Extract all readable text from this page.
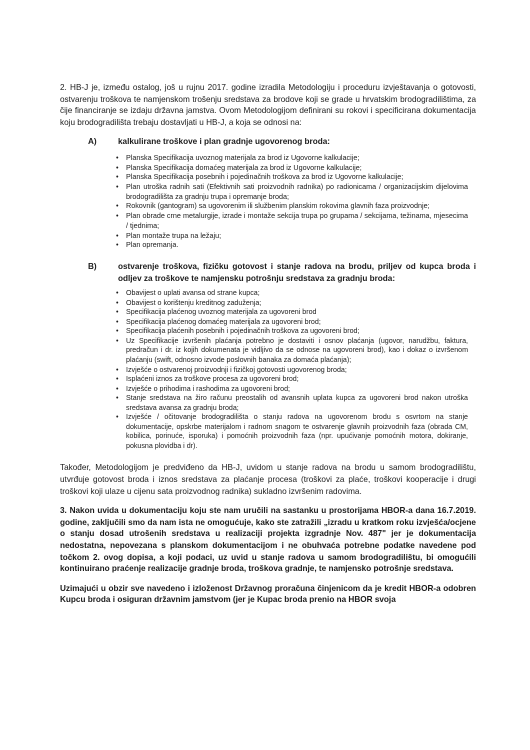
2. HB-J je, između ostalog, još u rujnu 2017. godine izradila Metodologiju i proceduru izvještavanja o gotovosti, ostvarenju troškova te namjenskom trošenju sredstava za brodove koji se grade u hrvatskim brodogradilištima, za čije financiranje se izdaju državna jamstva. Ovom Metodologijom definirani su rokovi i specificirana dokumentacija koju brodogradilišta trebaju dostavljati u HB-J, a koja se odnosi na:

A)	kalkulirane troškove i plan gradnje ugovorenog broda:
• Planska Specifikacija uvoznog materijala za brod iz Ugovorne kalkulacije;
• Planska Specifikacija domaćeg materijala za brod iz Ugovorne kalkulacije;
• Planska Specifikacija posebnih i pojedinačnih troškova za brod iz Ugovorne kalkulacije;
• Plan utroška radnih sati (Efektivnih sati proizvodnih radnika) po radionicama / organizacijskim dijelovima brodogradilišta za gradnju trupa i opremanje broda;
• Rokovnik (gantogram) sa ugovorenim ili službenim planskim rokovima glavnih faza proizvodnje;
• Plan obrade crne metalurgije, izrade i montaže sekcija trupa po grupama / sekcijama, težinama, mjesecima / tjednima;
• Plan montaže trupa na ležaju;
• Plan opremanja.
B)	ostvarenje troškova, fizičku gotovost i stanje radova na brodu, priljev od kupca broda i odljev za troškove te namjensku potrošnju sredstava za gradnju broda:
• Obavijest o uplati avansa od strane kupca;
• Obavijest o korištenju kreditnog zaduženja;
• Specifikacija plaćenog uvoznog materijala za ugovoreni brod
• Specifikacija plaćenog domaćeg materijala za ugovoreni brod;
• Specifikacija plaćenih posebnih i pojedinačnih troškova za ugovoreni brod;
• Uz Specifikacije izvršenih plaćanja potrebno je dostaviti i osnov plaćanja (ugovor, narudžbu, faktura, predračun i dr. iz kojih dokumenata je vidljivo da se odnose na ugovoreni brod), kao i dokaz o izvršenom plaćanju (swift, odnosno izvode poslovnih banaka za domaća plaćanja);
• Izvješće o ostvarenoj proizvodnji i fizičkoj gotovosti ugovorenog broda;
• Isplaćeni iznos za troškove procesa za ugovoreni brod;
• Izvješće o prihodima i rashodima za ugovoreni brod;
• Stanje sredstava na žiro računu preostalih od avansnih uplata kupca za ugovoreni brod nakon utroška sredstava avansa za gradnju broda;
• Izvješće / očitovanje brodogradilišta o stanju radova na ugovorenom brodu s osvrtom na stanje dokumentacije, opskrbe materijalom i radnom snagom te ostvarenje glavnih proizvodnih faza (obrada CM, kobilica, porinuće, isporuka) i pomoćnih proizvodnih faza (npr. upućivanje pomoćnih motora, dokiranje, pokusna plovidba i dr).

Također, Metodologijom je predviđeno da HB-J, uvidom u stanje radova na brodu u samom brodogradilištu, utvrđuje gotovost broda i iznos sredstava za plaćanje procesa (troškovi za plaće, troškovi kooperacije i drugi troškovi koji ulaze u cijenu sata proizvodnog radnika) sukladno izvršenim radovima.

3. Nakon uvida u dokumentaciju koju ste nam uručili na sastanku u prostorijama HBOR-a dana 16.7.2019. godine, zaključili smo da nam ista ne omogućuje, kako ste zatražili „izradu u kratkom roku izvješća/ocjene o stanju dosad utrošenih sredstava u realizaciji projekta izgradnje Nov. 487" jer je dokumentacija nedostatna, nepovezana s planskom dokumentacijom i ne obuhvaća potrebne podatke navedene pod točkom 2. ovog dopisa, a koji podaci, uz uvid u stanje radova u samom brodogradilištu, bi omogućili kontinuirano praćenje realizacije gradnje broda, troškova gradnje, te namjensko potrošnje sredstava.

Uzimajući u obzir sve navedeno i izloženost Državnog proračuna činjenicom da je kredit HBOR-a odobren Kupcu broda i osiguran državnim jamstvom (jer je Kupac broda prenio na HBOR svoja
